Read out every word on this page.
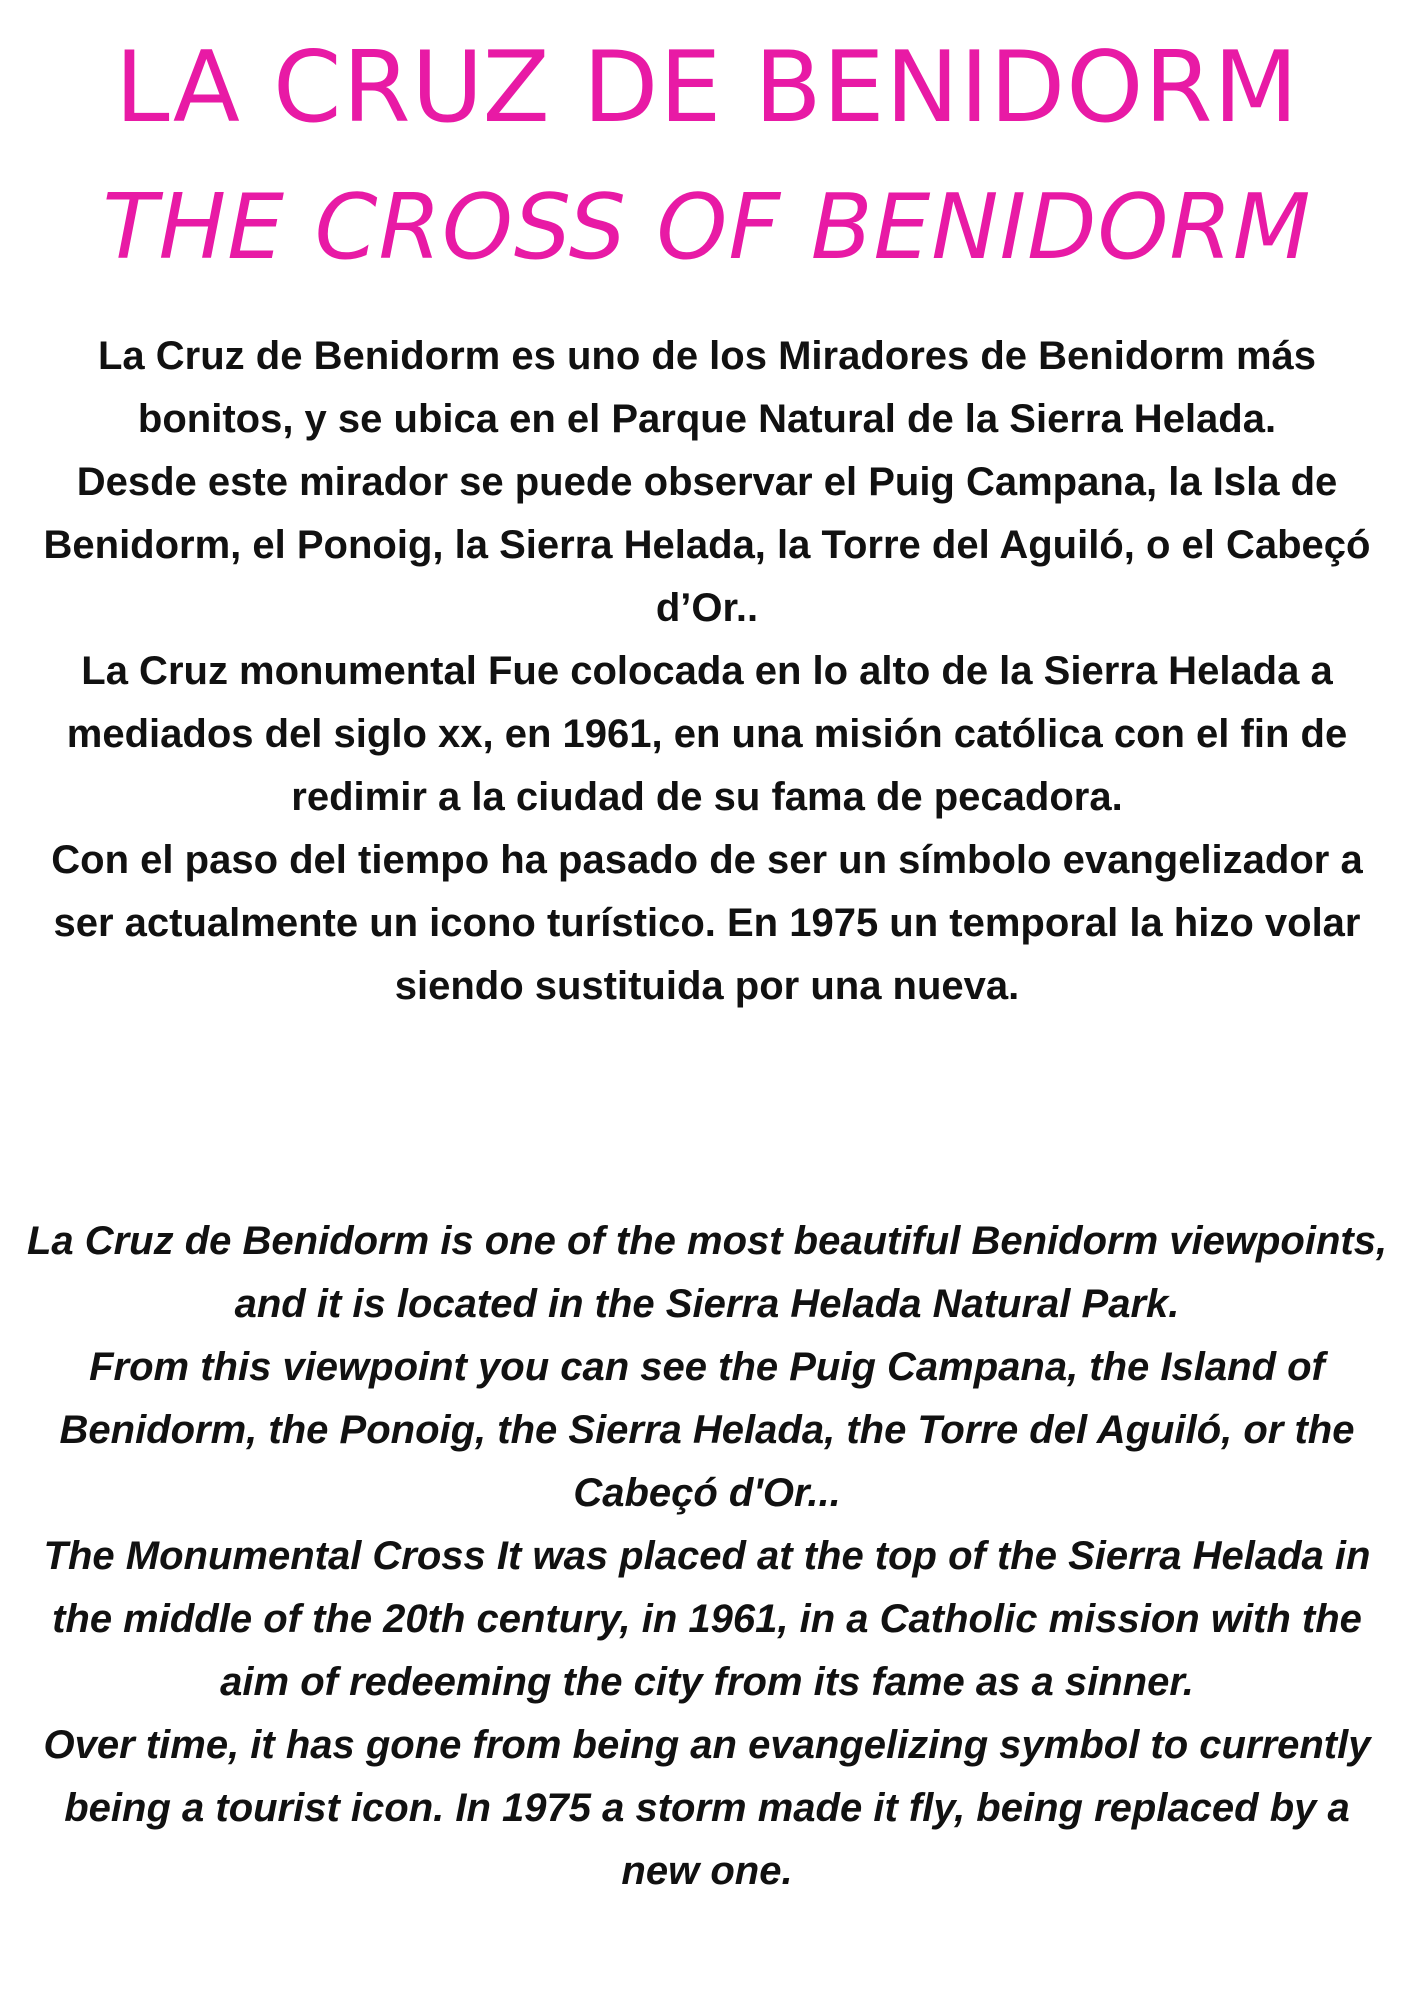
LA CRUZ DE BENIDORM
THE CROSS OF BENIDORM

La Cruz de Benidorm es uno de los Miradores de Benidorm más bonitos, y se ubica en el Parque Natural de la Sierra Helada.

Desde este mirador se puede observar el Puig Campana, la Isla de Benidorm, el Ponoig, la Sierra Helada, la Torre del Aguiló, o el Cabeçó d’Or..

La Cruz monumental Fue colocada en lo alto de la Sierra Helada a mediados del siglo xx, en 1961, en una misión católica con el fin de redimir a la ciudad de su fama de pecadora.

Con el paso del tiempo ha pasado de ser un símbolo evangelizador a ser actualmente un icono turístico. En 1975 un temporal la hizo volar siendo sustituida por una nueva.

La Cruz de Benidorm is one of the most beautiful Benidorm viewpoints, and it is located in the Sierra Helada Natural Park.

From this viewpoint you can see the Puig Campana, the Island of Benidorm, the Ponoig, the Sierra Helada, the Torre del Aguiló, or the Cabeçó d'Or...

The Monumental Cross It was placed at the top of the Sierra Helada in the middle of the 20th century, in 1961, in a Catholic mission with the aim of redeeming the city from its fame as a sinner.

Over time, it has gone from being an evangelizing symbol to currently being a tourist icon. In 1975 a storm made it fly, being replaced by a new one.
